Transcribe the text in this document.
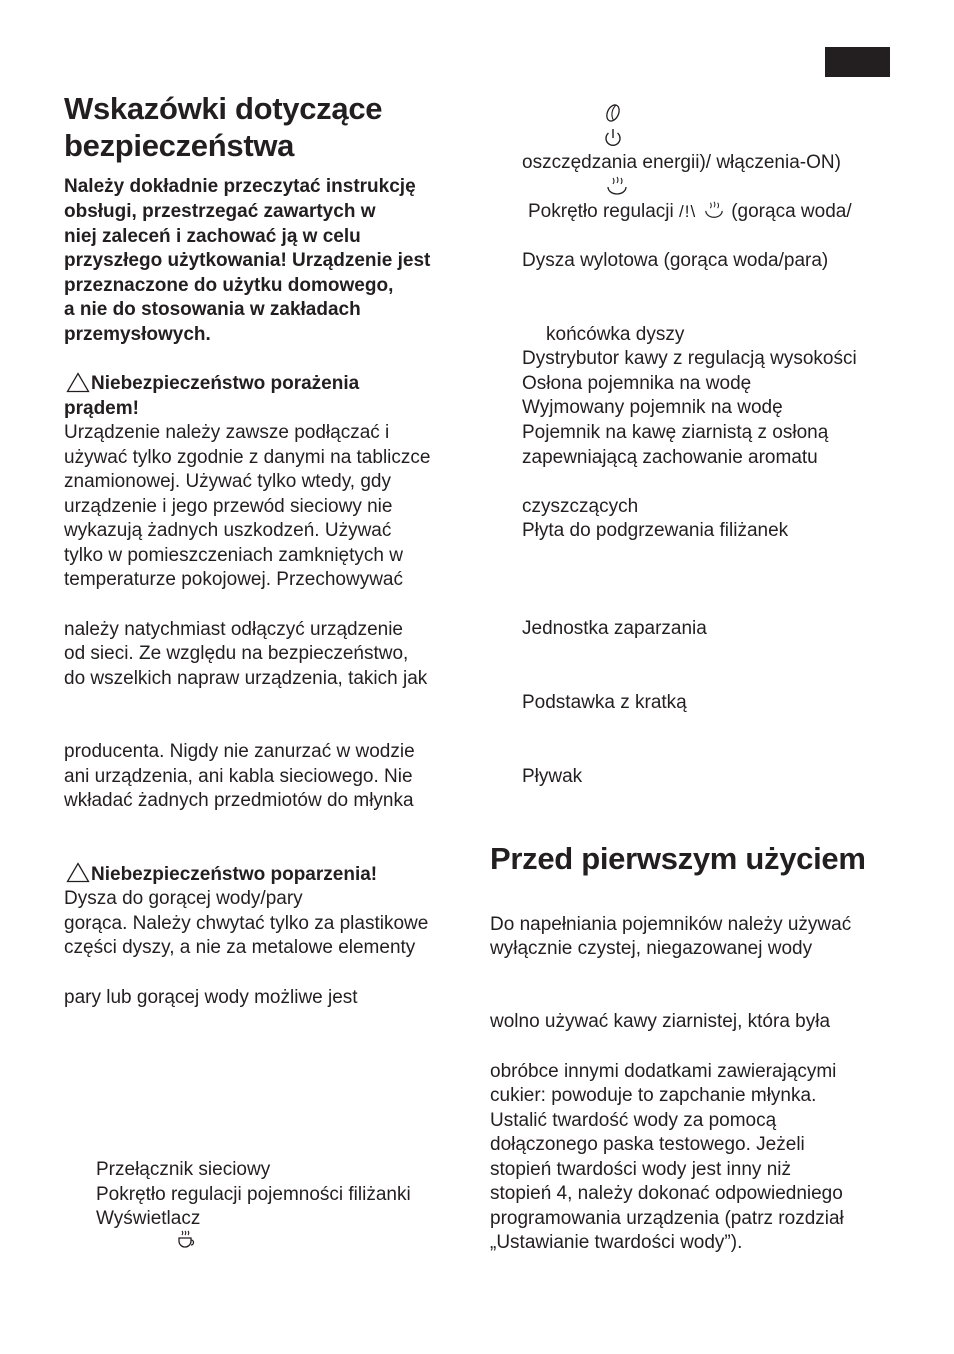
Wskazówki dotyczące
bezpieczeństwa
Należy dokładnie przeczytać instrukcję
obsługi, przestrzegać zawartych w
niej zaleceń i zachować ją w celu
przyszłego użytkowania! Urządzenie jest
przeznaczone do użytku domowego,
a nie do stosowania w zakładach
przemysłowych.
Niebezpieczeństwo porażenia
prądem!
Urządzenie należy zawsze podłączać i
używać tylko zgodnie z danymi na tabliczce
znamionowej. Używać tylko wtedy, gdy
urządzenie i jego przewód sieciowy nie
wykazują żadnych uszkodzeń. Używać
tylko w pomieszczeniach zamkniętych w
temperaturze pokojowej. Przechowywać
należy natychmiast odłączyć urządzenie
od sieci. Ze względu na bezpieczeństwo,
do wszelkich napraw urządzenia, takich jak
producenta. Nigdy nie zanurzać w wodzie
ani urządzenia, ani kabla sieciowego. Nie
wkładać żadnych przedmiotów do młynka
Niebezpieczeństwo poparzenia!
Dysza do gorącej wody/pary
gorąca. Należy chwytać tylko za plastikowe
części dyszy, a nie za metalowe elementy
pary lub gorącej wody możliwe jest
Przełącznik sieciowy
Pokrętło regulacji pojemności filiżanki
Wyświetlacz
oszczędzania energii)/ włączenia-ON)
Pokrętło regulacji /!\  (gorąca woda/
Dysza wylotowa (gorąca woda/para)
końcówka dyszy
Dystrybutor kawy z regulacją wysokości
Osłona pojemnika na wodę
Wyjmowany pojemnik na wodę
Pojemnik na kawę ziarnistą z osłoną
zapewniającą zachowanie aromatu
czyszczących
Płyta do podgrzewania filiżanek
Jednostka zaparzania
Podstawka z kratką
Pływak
Przed pierwszym użyciem
Do napełniania pojemników należy używać
wyłącznie czystej, niegazowanej wody
wolno używać kawy ziarnistej, która była
obróbce innymi dodatkami zawierającymi
cukier: powoduje to zapchanie młynka.
Ustalić twardość wody za pomocą
dołączonego paska testowego. Jeżeli
stopień twardości wody jest inny niż
stopień 4, należy dokonać odpowiedniego
programowania urządzenia (patrz rozdział
„Ustawianie twardości wody”).
